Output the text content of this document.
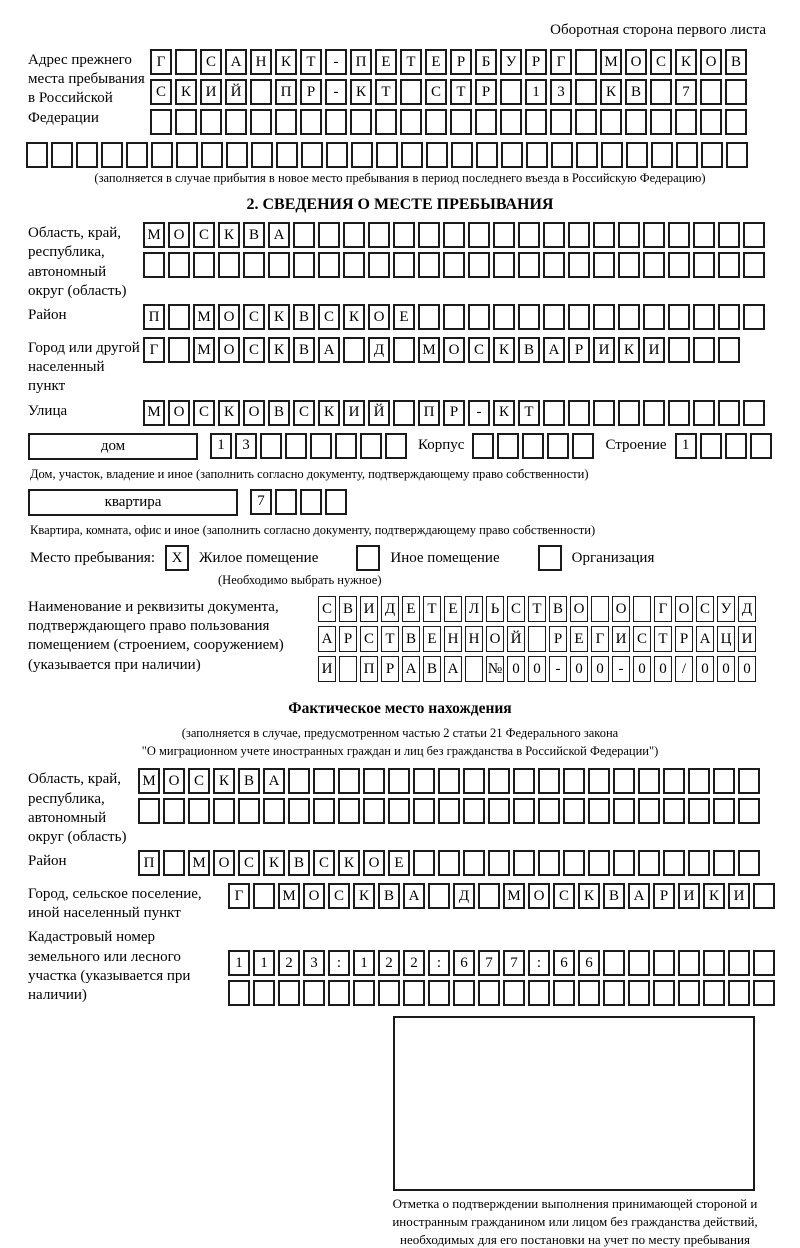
Оборотная сторона первого листа
Адрес прежнего места пребывания в Российской Федерации
Г	С А Н К	Т	-	П Е	Т	Е	Р	Б	У	Р	Г	М О С К О В
С К И Й	П	Р	-	К	Т	С	Т	Р	1	3	К В	7
(заполняется в случае прибытия в новое место пребывания в период последнего въезда в Российскую Федерацию)
2. СВЕДЕНИЯ О МЕСТЕ ПРЕБЫВАНИЯ
Область, край, республика, автономный округ (область)
М О С К В А
Район	П	М О С К В С К О Е
Город или другой населенный пункт
Г	М О С К В А	Д	М О С К В А	Р	И К И
Улица	М О С К О В С К И Й	П	Р	-	К	Т
дом	1	3	Корпус	Строение	1
Дом, участок, владение и иное (заполнить согласно документу, подтверждающему право собственности)
квартира	7
Квартира, комната, офис и иное (заполнить согласно документу, подтверждающему право собственности)
Место пребывания:	X	Жилое помещение	Иное помещение	Организация
(Необходимо выбрать нужное)
Наименование и реквизиты документа, подтверждающего право пользования помещением (строением, сооружением) (указывается при наличии)
С В И Д Е Т Е Л Ь С Т В О О	Г О С У Д
А Р С Т В Е Н Н О Й	Р Е Г И С Т Р А Ц И
И П Р А В А № 0 0 - 0 0 - 0 0	/	0 0 0
Фактическое место нахождения
(заполняется в случае, предусмотренном частью 2 статьи 21 Федерального закона
"О миграционном учете иностранных граждан и лиц без гражданства в Российской Федерации")
Область, край, республика, автономный округ (область)
М О С К В А
Район	П	М О С К В С К О Е
Город, сельское поселение, иной населенный пункт
Г	М О С К В А	Д	М О С К В А	Р	И К И
Кадастровый номер земельного или лесного участка (указывается при наличии)
1	1	2	3	:	1	2	2	:	6	7	7	:	6	6
Отметка о подтверждении выполнения принимающей стороной и иностранным гражданином или лицом без гражданства действий, необходимых для его постановки на учет по месту пребывания
